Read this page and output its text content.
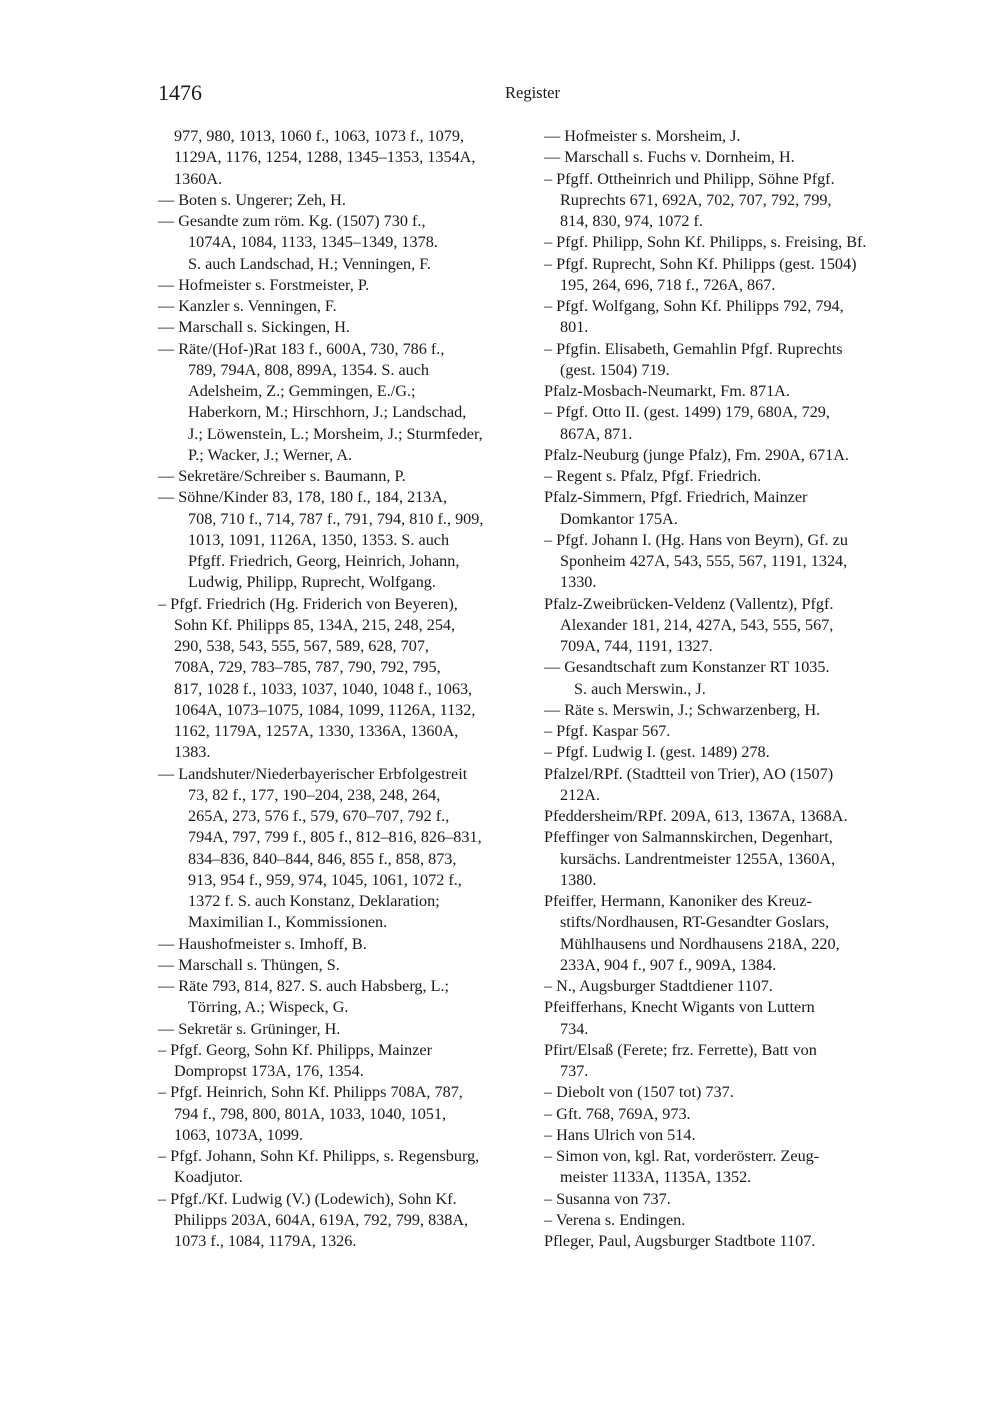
1476	Register
977, 980, 1013, 1060 f., 1063, 1073 f., 1079,
1129A, 1176, 1254, 1288, 1345–1353, 1354A,
1360A.
–– Boten s. Ungerer; Zeh, H.
–– Gesandte zum röm. Kg. (1507) 730 f.,
1074A, 1084, 1133, 1345–1349, 1378.
S. auch Landschad, H.; Venningen, F.
–– Hofmeister s. Forstmeister, P.
–– Kanzler s. Venningen, F.
–– Marschall s. Sickingen, H.
–– Räte/(Hof-)Rat 183 f., 600A, 730, 786 f.,
789, 794A, 808, 899A, 1354. S. auch
Adelsheim, Z.; Gemmingen, E./G.;
Haberkorn, M.; Hirschhorn, J.; Landschad,
J.; Löwenstein, L.; Morsheim, J.; Sturmfeder,
P.; Wacker, J.; Werner, A.
–– Sekretäre/Schreiber s. Baumann, P.
–– Söhne/Kinder 83, 178, 180 f., 184, 213A,
708, 710 f., 714, 787 f., 791, 794, 810 f., 909,
1013, 1091, 1126A, 1350, 1353. S. auch
Pfgff. Friedrich, Georg, Heinrich, Johann,
Ludwig, Philipp, Ruprecht, Wolfgang.
– Pfgf. Friedrich (Hg. Friderich von Beyeren),
Sohn Kf. Philipps 85, 134A, 215, 248, 254,
290, 538, 543, 555, 567, 589, 628, 707,
708A, 729, 783–785, 787, 790, 792, 795,
817, 1028 f., 1033, 1037, 1040, 1048 f., 1063,
1064A, 1073–1075, 1084, 1099, 1126A, 1132,
1162, 1179A, 1257A, 1330, 1336A, 1360A,
1383.
–– Landshuter/Niederbayerischer Erbfolgestreit
73, 82 f., 177, 190–204, 238, 248, 264,
265A, 273, 576 f., 579, 670–707, 792 f.,
794A, 797, 799 f., 805 f., 812–816, 826–831,
834–836, 840–844, 846, 855 f., 858, 873,
913, 954 f., 959, 974, 1045, 1061, 1072 f.,
1372 f. S. auch Konstanz, Deklaration;
Maximilian I., Kommissionen.
–– Haushofmeister s. Imhoff, B.
–– Marschall s. Thüngen, S.
–– Räte 793, 814, 827. S. auch Habsberg, L.;
Törring, A.; Wispeck, G.
–– Sekretär s. Grüninger, H.
– Pfgf. Georg, Sohn Kf. Philipps, Mainzer
Dompropst 173A, 176, 1354.
– Pfgf. Heinrich, Sohn Kf. Philipps 708A, 787,
794 f., 798, 800, 801A, 1033, 1040, 1051,
1063, 1073A, 1099.
– Pfgf. Johann, Sohn Kf. Philipps, s. Regensburg,
Koadjutor.
– Pfgf./Kf. Ludwig (V.) (Lodewich), Sohn Kf.
Philipps 203A, 604A, 619A, 792, 799, 838A,
1073 f., 1084, 1179A, 1326.
–– Hofmeister s. Morsheim, J.
–– Marschall s. Fuchs v. Dornheim, H.
– Pfgff. Ottheinrich und Philipp, Söhne Pfgf.
Ruprechts 671, 692A, 702, 707, 792, 799,
814, 830, 974, 1072 f.
– Pfgf. Philipp, Sohn Kf. Philipps, s. Freising, Bf.
– Pfgf. Ruprecht, Sohn Kf. Philipps (gest. 1504)
195, 264, 696, 718 f., 726A, 867.
– Pfgf. Wolfgang, Sohn Kf. Philipps 792, 794,
801.
– Pfgfin. Elisabeth, Gemahlin Pfgf. Ruprechts
(gest. 1504) 719.
Pfalz-Mosbach-Neumarkt, Fm. 871A.
– Pfgf. Otto II. (gest. 1499) 179, 680A, 729,
867A, 871.
Pfalz-Neuburg (junge Pfalz), Fm. 290A, 671A.
– Regent s. Pfalz, Pfgf. Friedrich.
Pfalz-Simmern, Pfgf. Friedrich, Mainzer
Domkantor 175A.
– Pfgf. Johann I. (Hg. Hans von Beyrn), Gf. zu
Sponheim 427A, 543, 555, 567, 1191, 1324,
1330.
Pfalz-Zweibrücken-Veldenz (Vallentz), Pfgf.
Alexander 181, 214, 427A, 543, 555, 567,
709A, 744, 1191, 1327.
–– Gesandtschaft zum Konstanzer RT 1035.
S. auch Merswin., J.
–– Räte s. Merswin, J.; Schwarzenberg, H.
– Pfgf. Kaspar 567.
– Pfgf. Ludwig I. (gest. 1489) 278.
Pfalzel/RPf. (Stadtteil von Trier), AO (1507)
212A.
Pfeddersheim/RPf. 209A, 613, 1367A, 1368A.
Pfeffinger von Salmannskirchen, Degenhart,
kursächs. Landrentmeister 1255A, 1360A,
1380.
Pfeiffer, Hermann, Kanoniker des Kreuz-
stifts/Nordhausen, RT-Gesandter Goslars,
Mühlhausens und Nordhausens 218A, 220,
233A, 904 f., 907 f., 909A, 1384.
– N., Augsburger Stadtdiener 1107.
Pfeifferhans, Knecht Wigants von Luttern
734.
Pfirt/Elsaß (Ferete; frz. Ferrette), Batt von
737.
– Diebolt von (1507 tot) 737.
– Gft. 768, 769A, 973.
– Hans Ulrich von 514.
– Simon von, kgl. Rat, vorderösterr. Zeug-
meister 1133A, 1135A, 1352.
– Susanna von 737.
– Verena s. Endingen.
Pfleger, Paul, Augsburger Stadtbote 1107.
